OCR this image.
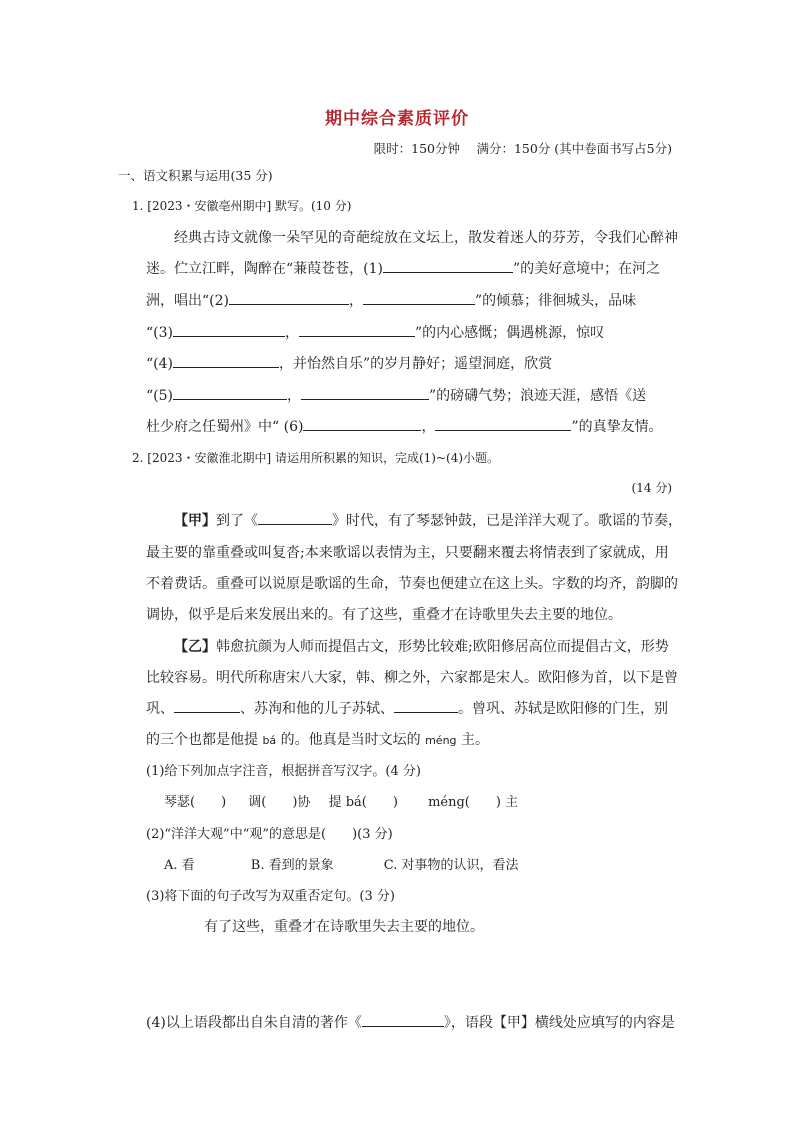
期中综合素质评价
限时：150分钟　 满分：150分 (其中卷面书写占5分)
一、语文积累与运用(35 分)
1. [2023・安徽亳州期中] 默写。(10 分)
经典古诗文就像一朵罕见的奇葩绽放在文坛上，散发着迷人的芬芳，令我们心醉神
迷。伫立江畔，陶醉在“蒹葭苍苍，(1)	”的美好意境中；在河之
洲，唱出“(2)	，	”的倾慕；徘徊城头，品味
“(3)	，	”的内心感慨；偶遇桃源，惊叹
“(4)	，并怡然自乐”的岁月静好；遥望洞庭，欣赏
“(5)	，	”的磅礴气势；浪迹天涯，感悟《送
杜少府之任蜀州》中“ (6)	，	”的真挚友情。
2. [2023・安徽淮北期中] 请运用所积累的知识，完成(1)~(4)小题。
(14 分)
【甲】到了《	》时代，有了琴瑟钟鼓，已是洋洋大观了。歌谣的节奏，
最主要的靠重叠或叫复沓;本来歌谣以表情为主，只要翻来覆去将情表到了家就成，用
不着费话。重叠可以说原是歌谣的生命，节奏也便建立在这上头。字数的均齐，韵脚的
调协，似乎是后来发展出来的。有了这些，重叠才在诗歌里失去主要的地位。
【乙】韩愈抗颜为人师而提倡古文，形势比较难;欧阳修居高位而提倡古文，形势
比较容易。明代所称唐宋八大家，韩、柳之外，六家都是宋人。欧阳修为首，以下是曾
巩、	、苏洵和他的儿子苏轼、	。曾巩、苏轼是欧阳修的门生，别
的三个也都是他提 bá 的。他真是当时文坛的 méng 主。
(1)给下列加点字注音，根据拼音写汉字。(4 分)
琴瑟(　　) 调(　　)协 提 bá(　　) méng(　　) 主
(2)“洋洋大观”中“观”的意思是(　　)(3 分)
A. 看	B. 看到的景象	C. 对事物的认识，看法
(3)将下面的句子改写为双重否定句。(3 分)
有了这些，重叠才在诗歌里失去主要的地位。
(4)以上语段都出自朱自清的著作《	》，语段【甲】横线处应填写的内容是
